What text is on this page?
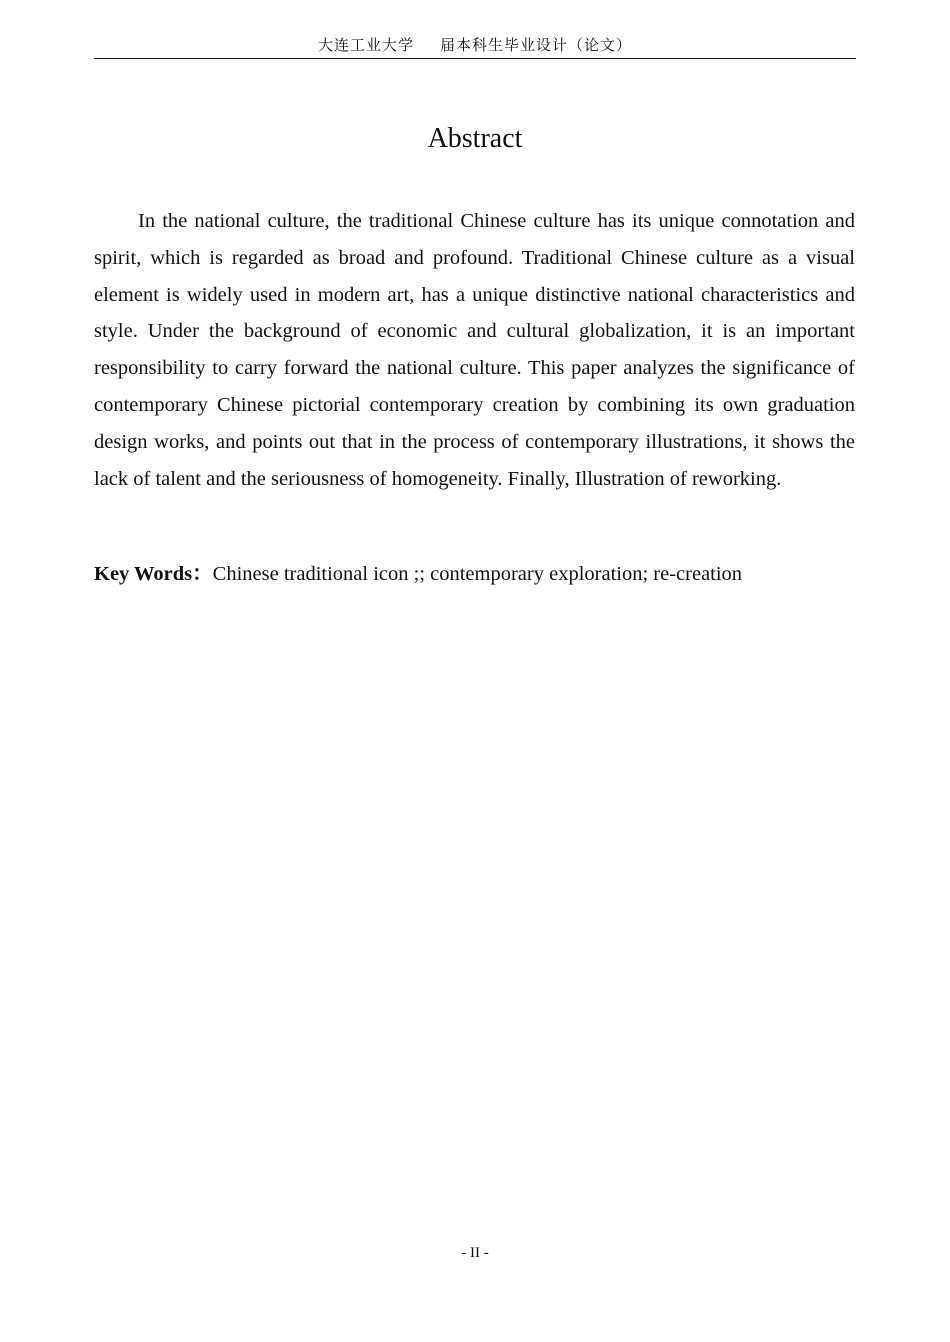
大连工业大学 届本科生毕业设计（论文）
Abstract

In the national culture, the traditional Chinese culture has its unique connotation and spirit, which is regarded as broad and profound. Traditional Chinese culture as a visual element is widely used in modern art, has a unique distinctive national characteristics and style. Under the background of economic and cultural globalization, it is an important responsibility to carry forward the national culture. This paper analyzes the significance of contemporary Chinese pictorial contemporary creation by combining its own graduation design works, and points out that in the process of contemporary illustrations, it shows the lack of talent and the seriousness of homogeneity. Finally, Illustration of reworking.

Key Words：Chinese traditional icon ;; contemporary exploration; re-creation

- II -
